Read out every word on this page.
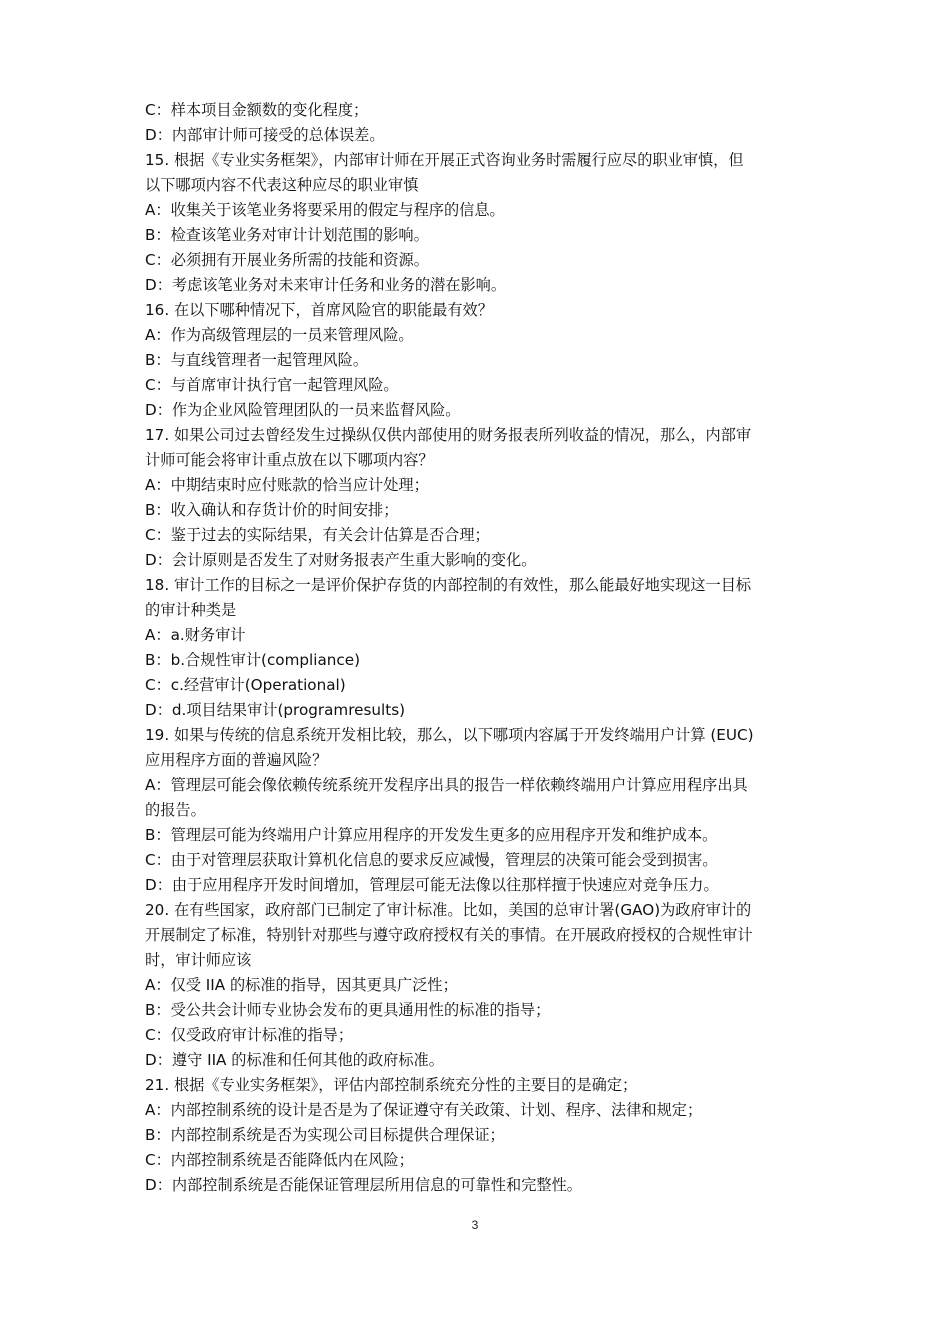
C：样本项目金额数的变化程度；
D：内部审计师可接受的总体误差。
15. 根据《专业实务框架》，内部审计师在开展正式咨询业务时需履行应尽的职业审慎，但
以下哪项内容不代表这种应尽的职业审慎
A：收集关于该笔业务将要采用的假定与程序的信息。
B：检查该笔业务对审计计划范围的影响。
C：必须拥有开展业务所需的技能和资源。
D：考虑该笔业务对未来审计任务和业务的潜在影响。
16. 在以下哪种情况下，首席风险官的职能最有效？
A：作为高级管理层的一员来管理风险。
B：与直线管理者一起管理风险。
C：与首席审计执行官一起管理风险。
D：作为企业风险管理团队的一员来监督风险。
17. 如果公司过去曾经发生过操纵仅供内部使用的财务报表所列收益的情况，那么，内部审
计师可能会将审计重点放在以下哪项内容？
A：中期结束时应付账款的恰当应计处理；
B：收入确认和存货计价的时间安排；
C：鉴于过去的实际结果，有关会计估算是否合理；
D：会计原则是否发生了对财务报表产生重大影响的变化。
18. 审计工作的目标之一是评价保护存货的内部控制的有效性，那么能最好地实现这一目标
的审计种类是
A：a.财务审计
B：b.合规性审计(compliance)
C：c.经营审计(Operational)
D：d.项目结果审计(programresults)
19. 如果与传统的信息系统开发相比较，那么，以下哪项内容属于开发终端用户计算 (EUC)
应用程序方面的普遍风险？
A：管理层可能会像依赖传统系统开发程序出具的报告一样依赖终端用户计算应用程序出具
的报告。
B：管理层可能为终端用户计算应用程序的开发发生更多的应用程序开发和维护成本。
C：由于对管理层获取计算机化信息的要求反应减慢，管理层的决策可能会受到损害。
D：由于应用程序开发时间增加，管理层可能无法像以往那样擅于快速应对竞争压力。
20. 在有些国家，政府部门已制定了审计标准。比如，美国的总审计署(GAO)为政府审计的
开展制定了标准，特别针对那些与遵守政府授权有关的事情。在开展政府授权的合规性审计
时，审计师应该
A：仅受 IIA 的标准的指导，因其更具广泛性；
B：受公共会计师专业协会发布的更具通用性的标准的指导；
C：仅受政府审计标准的指导；
D：遵守 IIA 的标准和任何其他的政府标准。
21. 根据《专业实务框架》，评估内部控制系统充分性的主要目的是确定；
A：内部控制系统的设计是否是为了保证遵守有关政策、计划、程序、法律和规定；
B：内部控制系统是否为实现公司目标提供合理保证；
C：内部控制系统是否能降低内在风险；
D：内部控制系统是否能保证管理层所用信息的可靠性和完整性。
3
